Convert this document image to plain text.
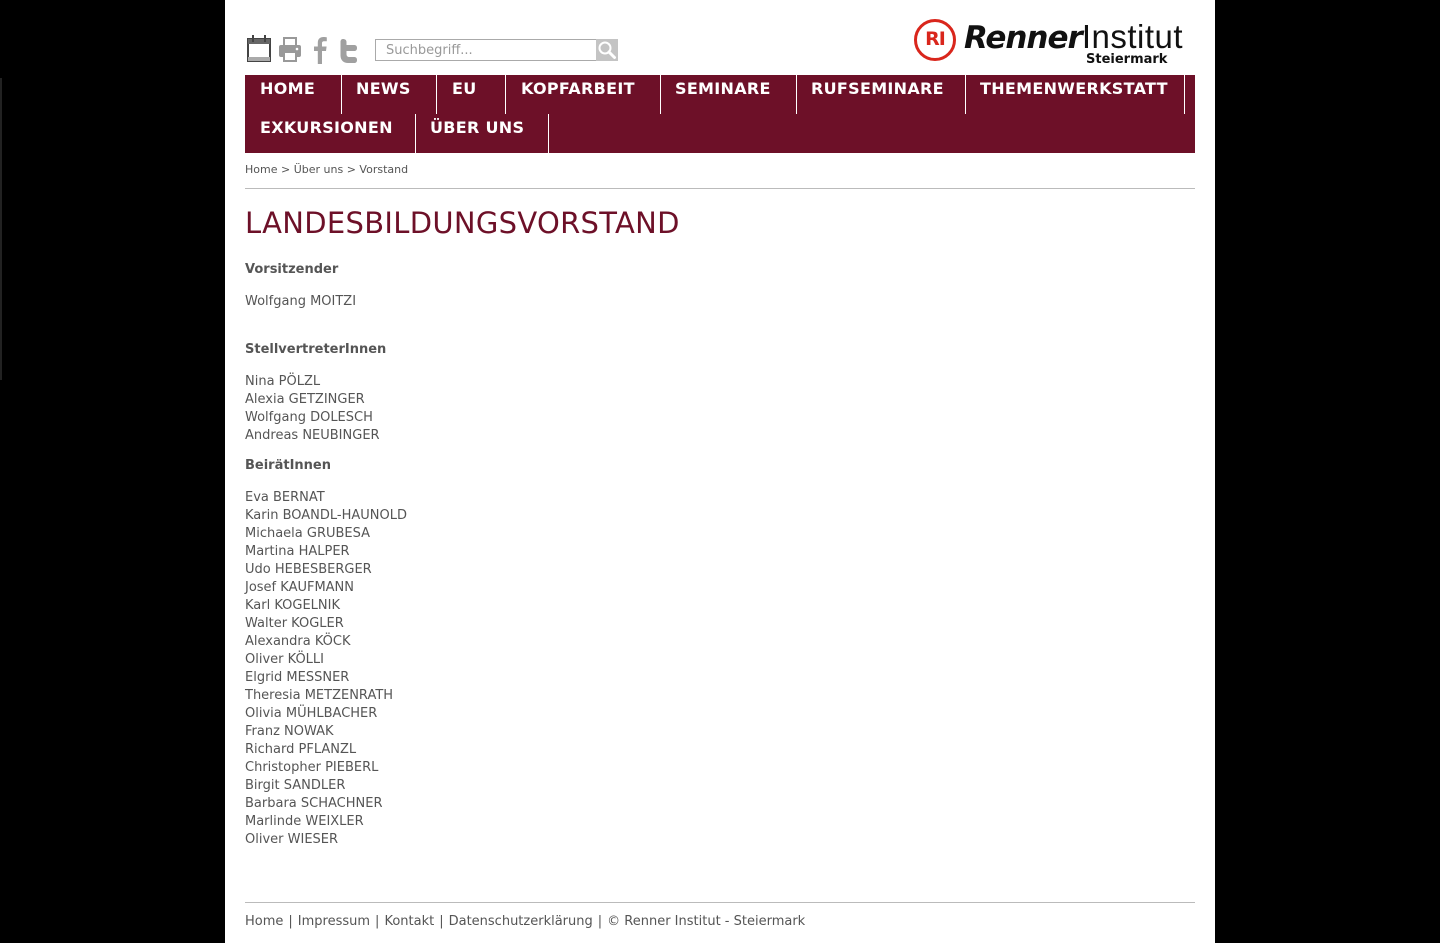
Suchbegriff...
RI RennerInstitut
Steiermark
HOME	NEWS	EU	KOPFARBEIT	SEMINARE	RUFSEMINARE	THEMENWERKSTATT
EXKURSIONEN	ÜBER UNS
Home > Über uns > Vorstand
LANDESBILDUNGSVORSTAND
Vorsitzender
Wolfgang MOITZI
StellvertreterInnen
Nina PÖLZL
Alexia GETZINGER
Wolfgang DOLESCH
Andreas NEUBINGER
BeirätInnen
Eva BERNAT
Karin BOANDL-HAUNOLD
Michaela GRUBESA
Martina HALPER
Udo HEBESBERGER
Josef KAUFMANN
Karl KOGELNIK
Walter KOGLER
Alexandra KÖCK
Oliver KÖLLI
Elgrid MESSNER
Theresia METZENRATH
Olivia MÜHLBACHER
Franz NOWAK
Richard PFLANZL
Christopher PIEBERL
Birgit SANDLER
Barbara SCHACHNER
Marlinde WEIXLER
Oliver WIESER
Home | Impressum | Kontakt | Datenschutzerklärung | © Renner Institut - Steiermark
